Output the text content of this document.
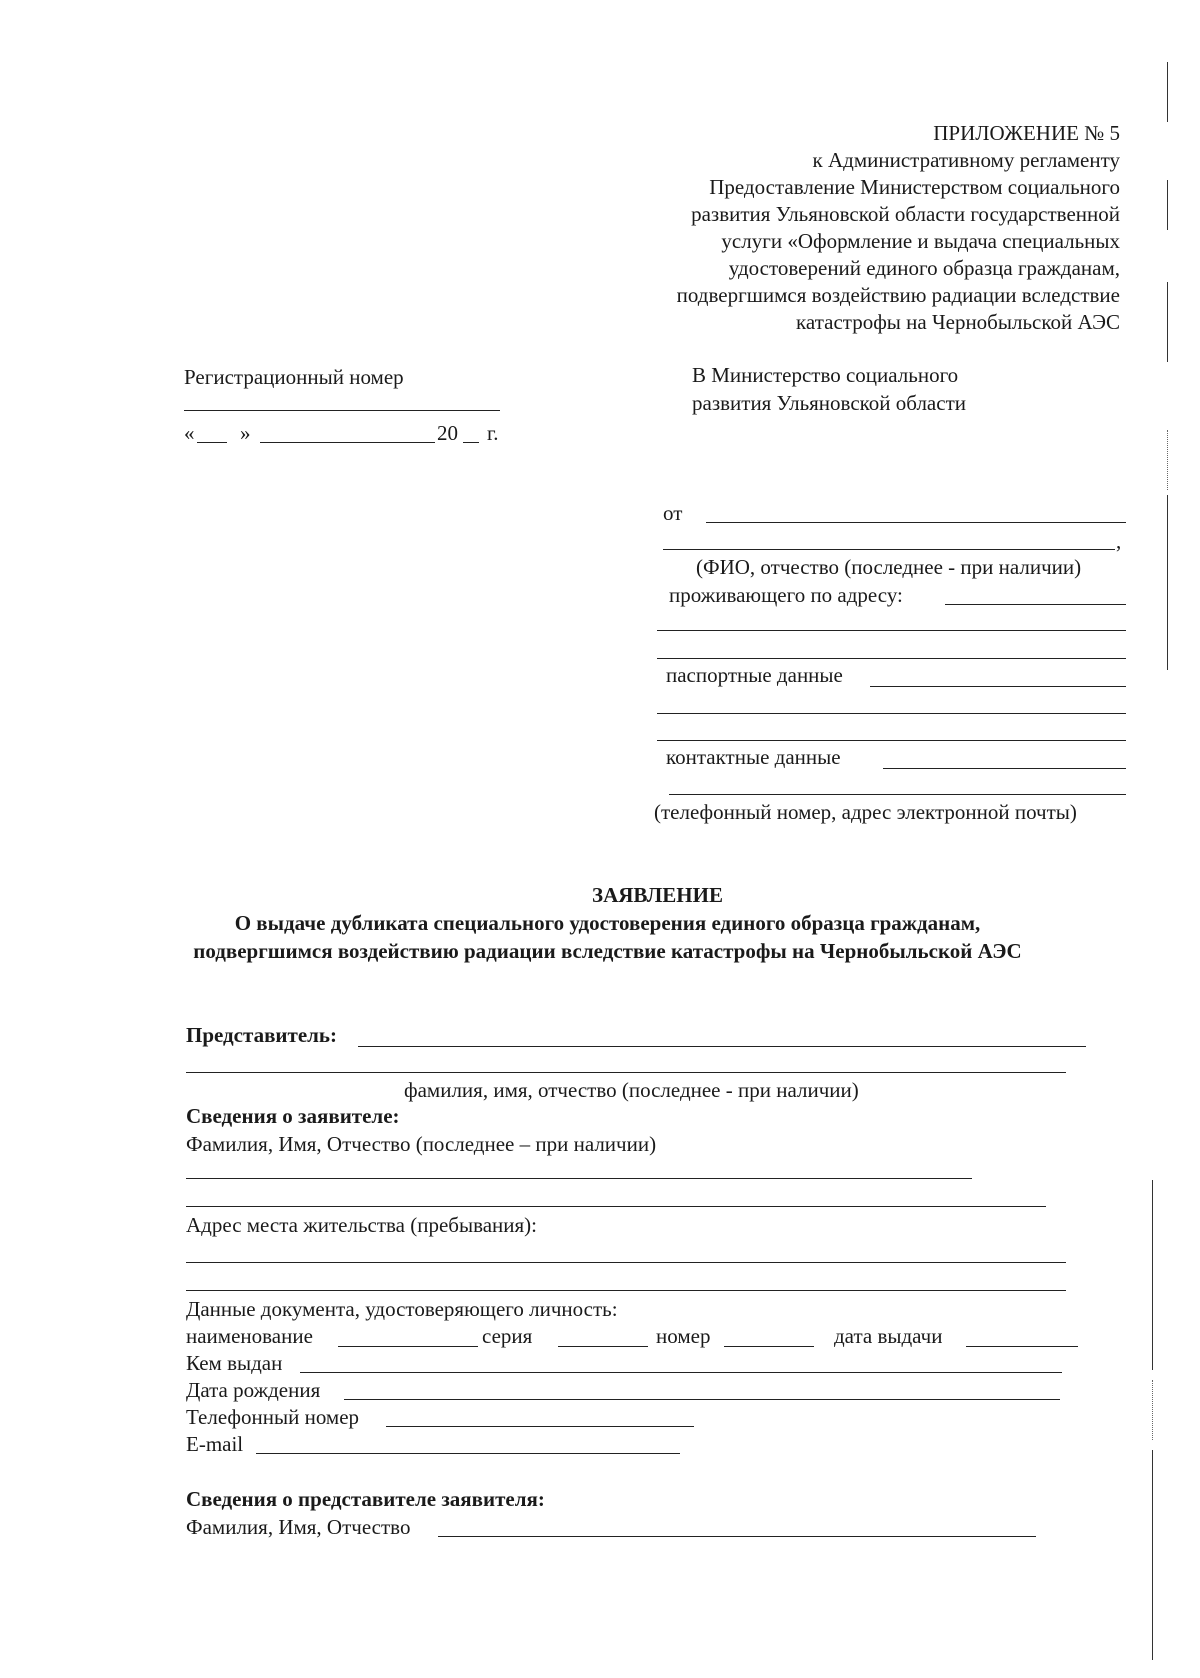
ПРИЛОЖЕНИЕ № 5
к Административному регламенту
Предоставление Министерством социального
развития Ульяновской области государственной
услуги «Оформление и выдача специальных
удостоверений единого образца гражданам,
подвергшимся воздействию радиации вследствие
катастрофы на Чернобыльской АЭС
Регистрационный номер
« »	20 г.
В Министерство социального
развития Ульяновской области
от
,
(ФИО, отчество (последнее - при наличии)
проживающего по адресу:
паспортные данные
контактные данные
(телефонный номер, адрес электронной почты)
ЗАЯВЛЕНИЕ
О выдаче дубликата специального удостоверения единого образца гражданам,
подвергшимся воздействию радиации вследствие катастрофы на Чернобыльской АЭС
Представитель:
фамилия, имя, отчество (последнее - при наличии)
Сведения о заявителе:
Фамилия, Имя, Отчество (последнее – при наличии)
Адрес места жительства (пребывания):
Данные документа, удостоверяющего личность:
наименование	серия	номер	дата выдачи
Кем выдан
Дата рождения
Телефонный номер
E-mail
Сведения о представителе заявителя:
Фамилия, Имя, Отчество
